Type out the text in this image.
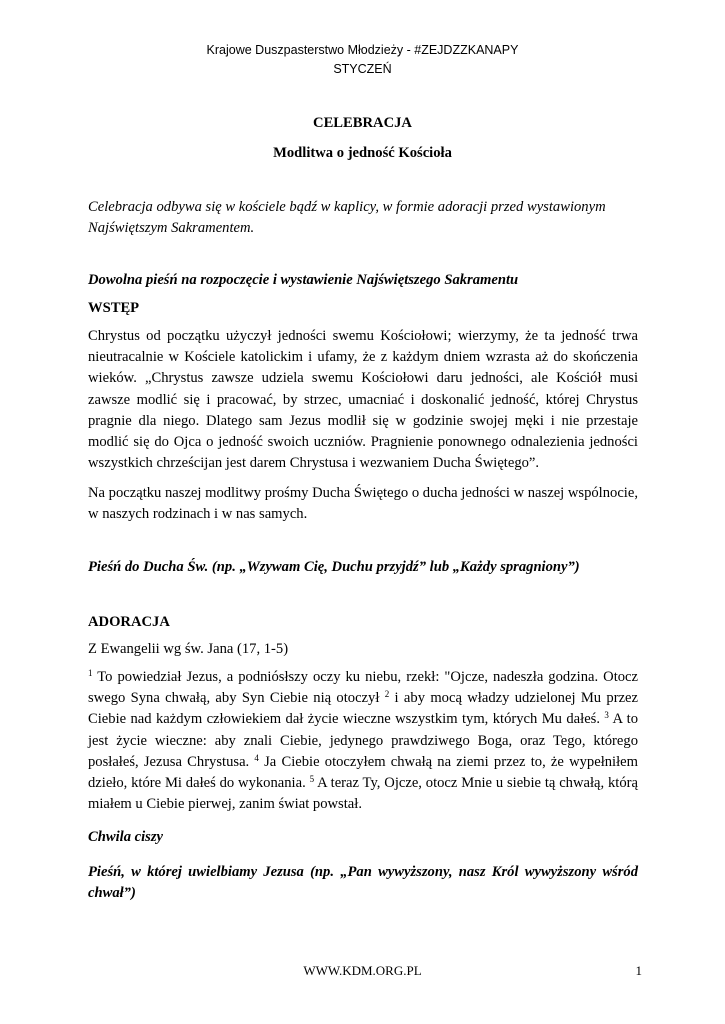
Krajowe Duszpasterstwo Młodzieży - #ZEJDZZKANAPY
STYCZEŃ
CELEBRACJA
Modlitwa o jedność Kościoła
Celebracja odbywa się w kościele bądź w kaplicy, w formie adoracji przed wystawionym Najświętszym Sakramentem.
Dowolna pieśń na rozpoczęcie i wystawienie Najświętszego Sakramentu
WSTĘP
Chrystus od początku użyczył jedności swemu Kościołowi; wierzymy, że ta jedność trwa nieutracalnie w Kościele katolickim i ufamy, że z każdym dniem wzrasta aż do skończenia wieków. „Chrystus zawsze udziela swemu Kościołowi daru jedności, ale Kościół musi zawsze modlić się i pracować, by strzec, umacniać i doskonalić jedność, której Chrystus pragnie dla niego. Dlatego sam Jezus modlił się w godzinie swojej męki i nie przestaje modlić się do Ojca o jedność swoich uczniów. Pragnienie ponownego odnalezienia jedności wszystkich chrześcijan jest darem Chrystusa i wezwaniem Ducha Świętego”.
Na początku naszej modlitwy prośmy Ducha Świętego o ducha jedności w naszej wspólnocie, w naszych rodzinach i w nas samych.
Pieśń do Ducha Św. (np. „Wzywam Cię, Duchu przyjdź” lub „Każdy spragniony”)
ADORACJA
Z Ewangelii wg św. Jana (17, 1-5)
$^1$ To powiedział Jezus, a podniósłszy oczy ku niebu, rzekł: "Ojcze, nadeszła godzina. Otocz swego Syna chwałą, aby Syn Ciebie nią otoczył $^2$ i aby mocą władzy udzielonej Mu przez Ciebie nad każdym człowiekiem dał życie wieczne wszystkim tym, których Mu dałeś. $^3$ A to jest życie wieczne: aby znali Ciebie, jedynego prawdziwego Boga, oraz Tego, którego posłałeś, Jezusa Chrystusa. $^4$ Ja Ciebie otoczyłem chwałą na ziemi przez to, że wypełniłem dzieło, które Mi dałeś do wykonania. $^5$ A teraz Ty, Ojcze, otocz Mnie u siebie tą chwałą, którą miałem u Ciebie pierwej, zanim świat powstał.
Chwila ciszy
Pieśń, w której uwielbiamy Jezusa (np. „Pan wywyższony, nasz Król wywyższony wśród chwał”)
WWW.KDM.ORG.PL	1
